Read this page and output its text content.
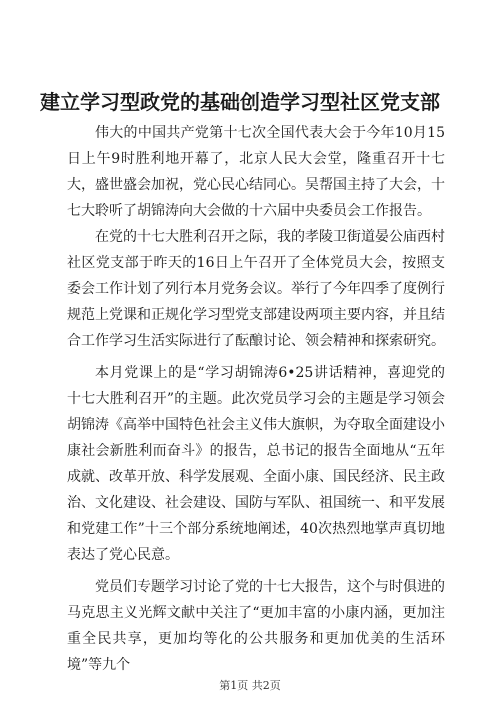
建立学习型政党的基础创造学习型社区党支部

伟大的中国共产党第十七次全国代表大会于今年10月15日上午9时胜利地开幕了，北京人民大会堂，隆重召开十七大，盛世盛会加祝，党心民心结同心。吴帮国主持了大会，十七大聆听了胡锦涛向大会做的十六届中央委员会工作报告。

在党的十七大胜利召开之际，我的孝陵卫街道晏公庙西村社区党支部于昨天的16日上午召开了全体党员大会，按照支委会工作计划了列行本月党务会议。举行了今年四季了度例行规范上党课和正规化学习型党支部建设两项主要内容，并且结合工作学习生活实际进行了酝酿讨论、领会精神和探索研究。

本月党课上的是“学习胡锦涛6•25讲话精神，喜迎党的十七大胜利召开”的主题。此次党员学习会的主题是学习领会胡锦涛《高举中国特色社会主义伟大旗帜，为夺取全面建设小康社会新胜利而奋斗》的报告，总书记的报告全面地从“五年成就、改革开放、科学发展观、全面小康、国民经济、民主政治、文化建设、社会建设、国防与军队、祖国统一、和平发展和党建工作”十三个部分系统地阐述，40次热烈地掌声真切地表达了党心民意。

党员们专题学习讨论了党的十七大报告，这个与时俱进的马克思主义光辉文献中关注了“更加丰富的小康内涵，更加注重全民共享，更加均等化的公共服务和更加优美的生活环境”等九个

第1页 共2页
